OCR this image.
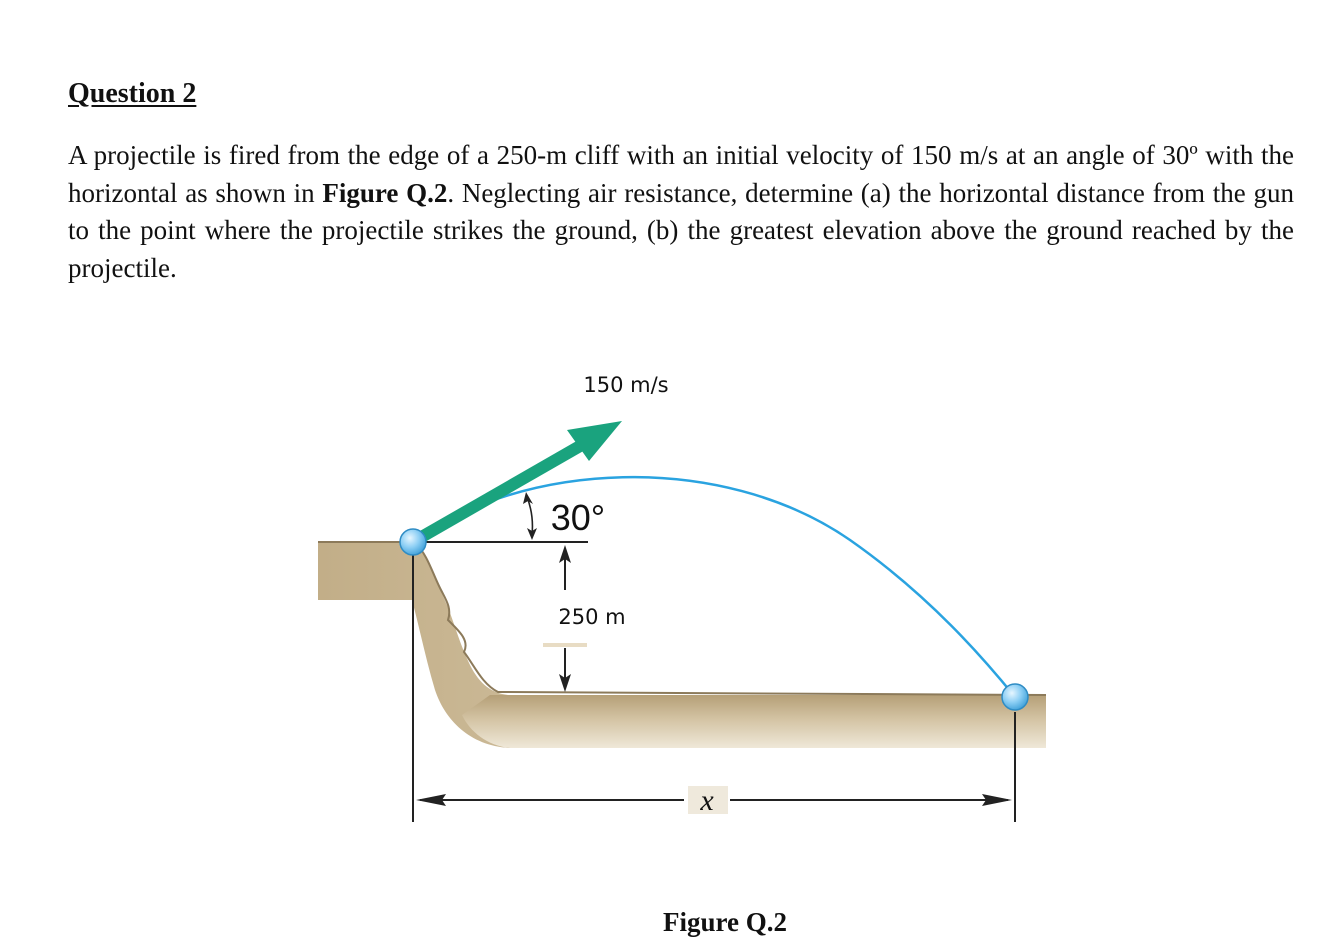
Question 2

A projectile is fired from the edge of a 250-m cliff with an initial velocity of 150 m/s at an angle of 30º with the horizontal as shown in Figure Q.2. Neglecting air resistance, determine (a) the horizontal distance from the gun to the point where the projectile strikes the ground, (b) the greatest elevation above the ground reached by the projectile.

150 m/s
30°
250 m
x

Figure Q.2
